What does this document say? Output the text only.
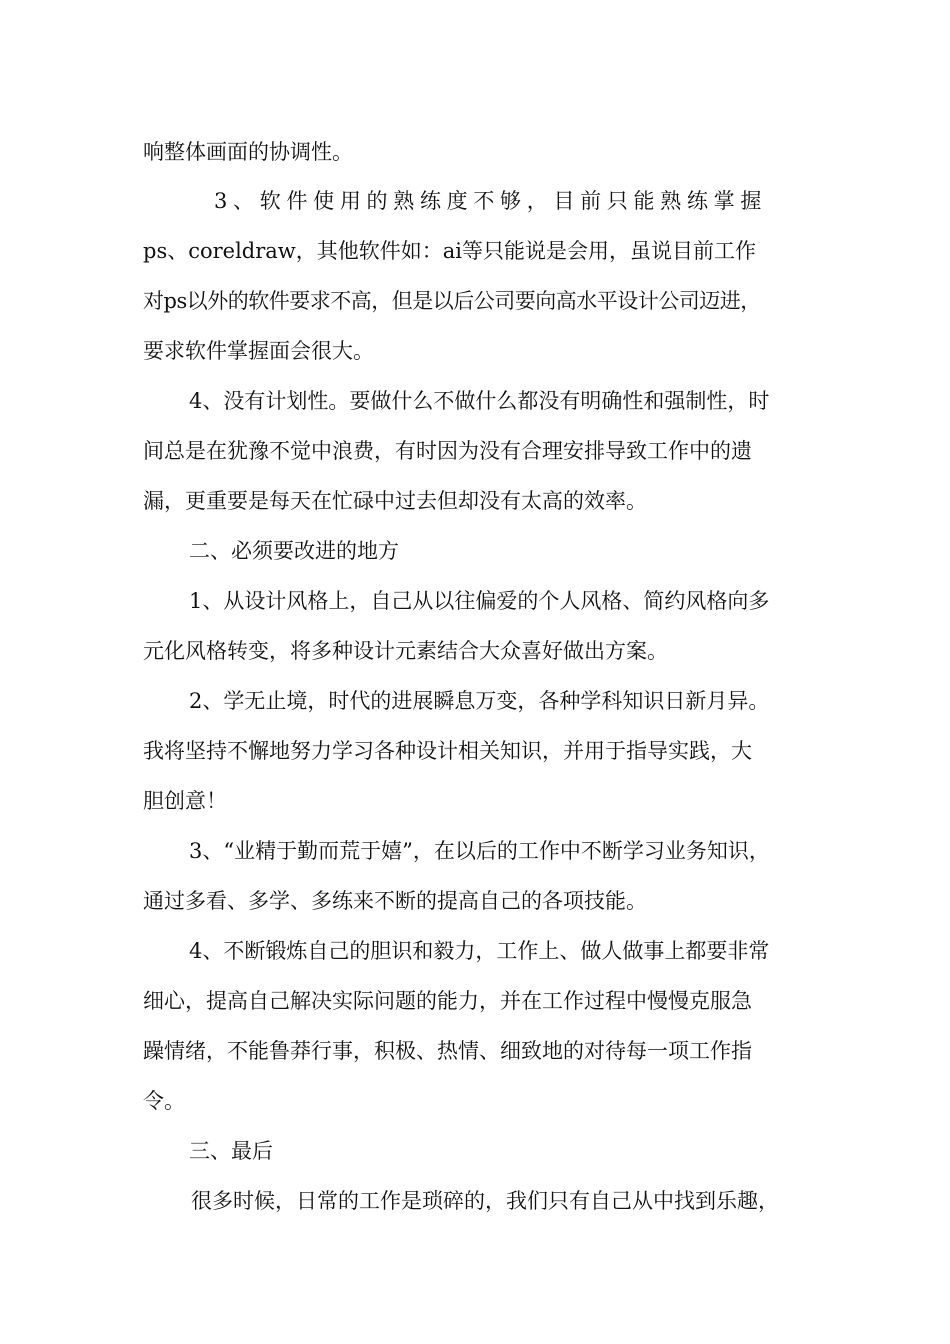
响整体画面的协调性。

3、软件使用的熟练度不够，目前只能熟练掌握

ps、coreldraw，其他软件如：ai等只能说是会用，虽说目前工作

对ps以外的软件要求不高，但是以后公司要向高水平设计公司迈进，

要求软件掌握面会很大。

4、没有计划性。要做什么不做什么都没有明确性和强制性，时

间总是在犹豫不觉中浪费，有时因为没有合理安排导致工作中的遗

漏，更重要是每天在忙碌中过去但却没有太高的效率。

二、必须要改进的地方

1、从设计风格上，自己从以往偏爱的个人风格、简约风格向多

元化风格转变，将多种设计元素结合大众喜好做出方案。

2、学无止境，时代的进展瞬息万变，各种学科知识日新月异。

我将坚持不懈地努力学习各种设计相关知识，并用于指导实践，大

胆创意！

3、“业精于勤而荒于嬉”，在以后的工作中不断学习业务知识，

通过多看、多学、多练来不断的提高自己的各项技能。

4、不断锻炼自己的胆识和毅力，工作上、做人做事上都要非常

细心，提高自己解决实际问题的能力，并在工作过程中慢慢克服急

躁情绪，不能鲁莽行事，积极、热情、细致地的对待每一项工作指

令。

三、最后

很多时候，日常的工作是琐碎的，我们只有自己从中找到乐趣，
